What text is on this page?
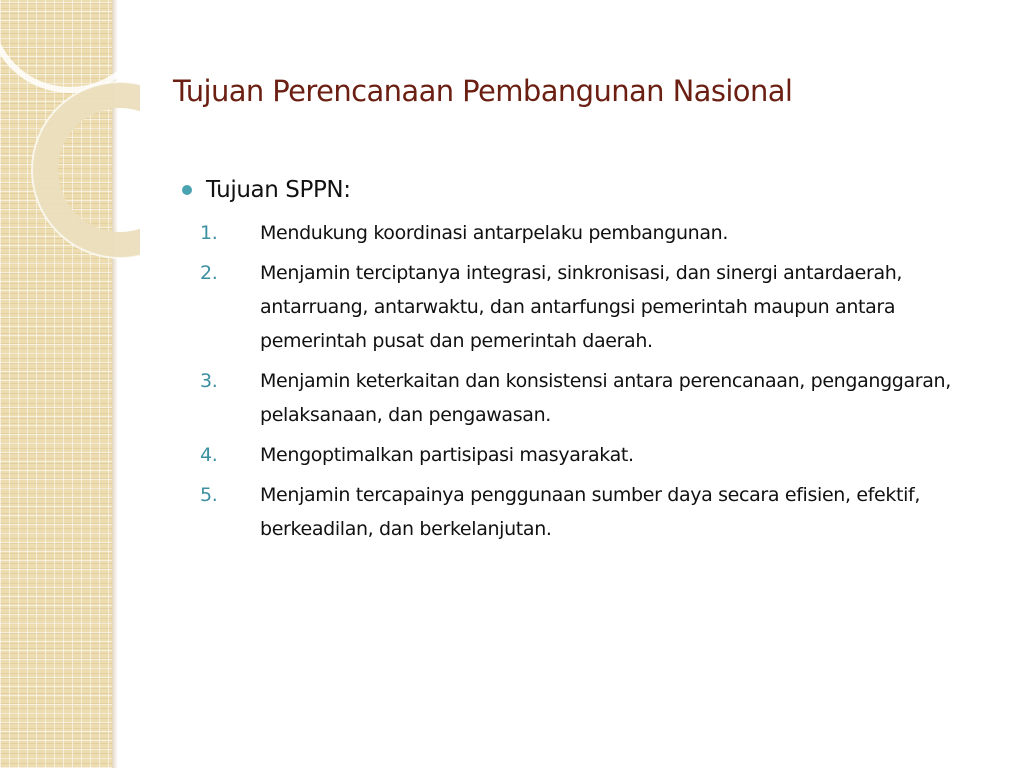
Tujuan Perencanaan Pembangunan Nasional
Tujuan SPPN:
1. Mendukung koordinasi antarpelaku pembangunan.
2. Menjamin terciptanya integrasi, sinkronisasi, dan sinergi antardaerah, antarruang, antarwaktu, dan antarfungsi pemerintah maupun antara pemerintah pusat dan pemerintah daerah.
3. Menjamin keterkaitan dan konsistensi antara perencanaan, penganggaran, pelaksanaan, dan pengawasan.
4. Mengoptimalkan partisipasi masyarakat.
5. Menjamin tercapainya penggunaan sumber daya secara efisien, efektif, berkeadilan, dan berkelanjutan.
